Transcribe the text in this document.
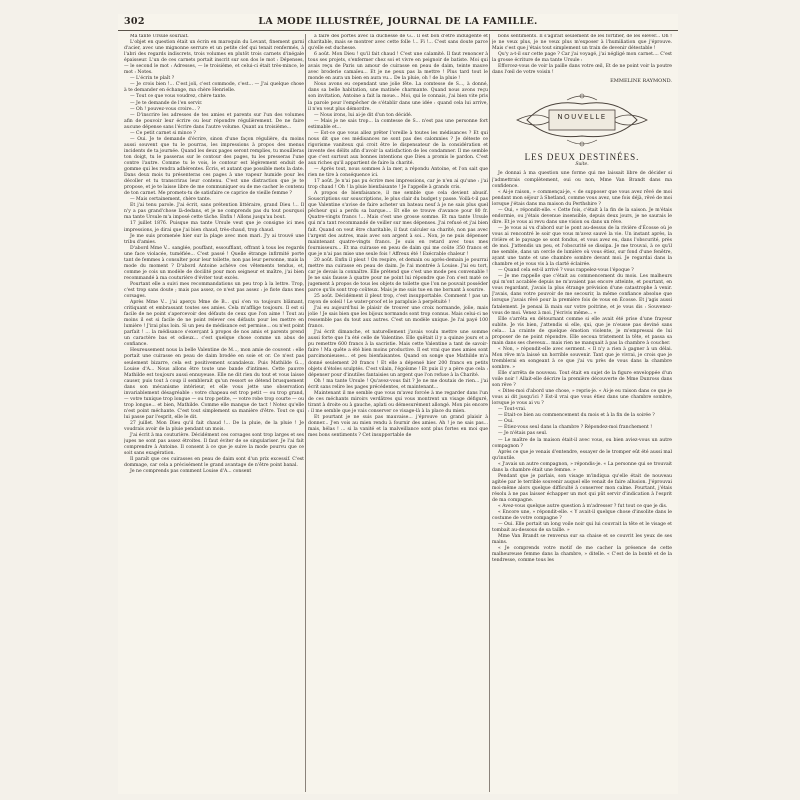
302	LA MODE ILLUSTRÉE, JOURNAL DE LA FAMILLE.

Ma tante Ursule souriait.

L'objet en question était un écrin en maroquin du Levant, finement garni d'acier, avec une mignonne serrure et un petite clef qui tenait renfermés, à l'abri des regards indiscrets, trois volumes en plutôt trois carnets d'inégale épaisseur. L'un de ces carnets portait inscrit sur son dos le mot : Dépenses, — le second le mot : Adresses, — le troisième, et celui-ci était très-mince, le mot : Notes.

— L'écrin te plaît ?

— Je crois bien !... C'est joli, c'est commode, c'est... — J'ai quelque chose à te demander en échange, ma chère Henrielle.

— Tout ce que vous voudrez, chère tante.

— Je te demande de l'en servir.

— Oh ! pouvez-vous croire... ?

— D'inscrire les adresses de tes amies et parents sur l'un des volumes afin de pouvoir leur écrire ou leur répondre régulièrement. De ne faire aucune dépense sans l'écrire dans l'autre volume. Quant au troisième...

— Ce petit carnet si mince ?

— Oui. Je te demande d'écrire, sinon d'une façon régulière, du moins aussi souvent que tu le pourras, les impressions à propos des menus incidents de ta journée. Quand les deux pages seront remplies, tu mouilleras ton doigt, tu le passeras sur le contour des pages, tu les presseras l'une contre l'autre. Comme tu le vois, le contour est légèrement enduit de gomme qui les rendra adhérentes. Écris, et autant que possible mets la date. Dans deux mois tu présenteras ces pages à une vapeur humide pour les décoller et tu transcriras leur contenu. C'est une distraction que je te propose, et je te laisse libre de me communiquer ou de me cacher le contenu de ton carnet. Me promets-tu de satisfaire ce caprice de vieille femme ?

— Mais certainement, chère tante.

Et j'ai tenu parole. J'ai écrit, sans prétention littéraire, grand Dieu !... Il n'y a pas grand'chose là-dedans, et je ne comprends pas du tout pourquoi ma tante Ursule m'a imposé cette tâche. Enfin ! Allons jusqu'au bout.

17 juillet 1876. Puisque ma tante Ursule veut que je consigne ici mes impressions, je dirai que j'ai bien chaud, très-chaud, trop chaud.

Je me suis promenée hier sur la plage avec mon mari. J'y ai trouvé une tribu d'amies.

D'abord Mme V... sanglée, pouffant, essoufflant, offrant à tous les regards une face violacée, tuméfiée... C'est passé ! Quelle étrange infirmité porte tant de femmes à consulter pour leur toilette, non pas leur personne, mais la mode du moment ? D'abord Antoine achève ces vêtements tendus, et, comme je cois un modèle de docilité pour mon seigneur et maître, j'ai bien recommandé à ma couturière d'éviter tout excès.

Pourtant elle a suivi mes recommandations un peu trop à la lettre. Trop, c'est trop sans doute ; mais pas assez, ce n'est pas assez : je fiote dans mes corsages.

Après Mme V... j'ai aperçu Mme de B... qui s'en va toujours blâmant, critiquant et embrassant toutes ses amies. Cela m'afflige toujours. Il est si facile de ne point s'apercevoir des défauts de ceux que l'on aime ! Tout au moins il est si facile de ne point relever ces défauts pour les mettre en lumière ! J'irai plus loin. Si un peu de médisance est permise... ou n'est point parfait ! ... la médisance s'exerçant à propos de nos amis et parents prend un caractère bas et odieux... c'est quelque chose comme un abus de confiance.

Heureusement nous la belle Valentine de M..., mon amie de couvent : elle portait une cuirasse en peau de daim brodée en soie et or. Ce n'est pas seulement bizarre, cela est positivement scandaleux. Puis Mathilde G..., Louise d'A... Nous allons être toute une bande d'intimes. Cette pauvre Mathilde est toujours aussi ennuyeuse. Elle ne dit rien du tout et vous laisse causer, puis tout à coup il semblerait qu'un ressort se détend brusquement dans son mécanisme intérieur, et elle vous jette une observation invariablement désagréable : votre chapeau est trop petit — ou trop grand, — votre tunique trop longue — ou trop petite, — votre robe trop courte — ou trop longue... et bien, Mathilde. Comme elle manque de tact ! Notez qu'elle n'est point méchante. C'est tout simplement sa manière d'être. Tout ce qui lui passe par l'esprit, elle le dit.

27 juillet. Mon Dieu qu'il fait chaud !... De la pluie, de la pluie ! Je voudrais avoir de la pluie pendant un mois.

J'ai écrit à ma couturière. Décidément ces corsages sont trop larges et ses jupes ne sont pas assez étroites. Il faut éviter de se singulariser. Je l'ai fait comprendre à Antoine. Il consent à ce que je suive la mode pourvu que ce soit sans exagération.

Il paraît que ces cuirasses en peau de daim sont d'un prix excessif. C'est dommage, car cela a précisément le grand avantage de n'être point banal.

Je ne comprends pas comment Louise d'A... consent

à faire des portes avec la duchesse de G... Il est bon d'être indulgente et charitable, mais se montrer avec cette folle !... Fi !... C'est sans doute parce qu'elle est duchesse.

6 août. Mon Dieu ! qu'il fait chaud ! C'est une calamité. Il faut renoncer à tous ses projets, s'enfermer chez soi et vivre en peignoir de batiste. Moi qui avais reçu de Paris un amour de cuirasse en peau de daim, teinte mauve avec broderie camaïeu... Et je ne peux pas la mettre ! Plus tard tout le monde en aura un bien en aura vu... De la pluie, oh ! de la pluie !

Nous avons eu cependant une jolie fête. La comtesse de S..., à donné, dans sa belle habitation, une matinée charmante. Quand nous avons reçu son invitation, Antoine a fait la moue... Moi, qui le connais, j'ai bien vite pris la parole pour l'empêcher de s'établir dans une idée : quand cela lui arrive, il n'en veut plus démordre.

— Nous irons, lui ai-je dit d'un ton décidé.

— Mais je ne sais trop... la comtesse de S... n'est pas une personne fort estimable et...

— Est-ce que vous allez prêter l'oreille à toutes les médisances ? Et qui nous dit que ces médisances ne sont pas des calomnies ? Je déteste ce rigorisme vaniteux qui croit être le dispensateur de la considération et invente des délits afin d'avoir la satisfaction de les condamner. Il me semble que c'est surtout aux bonnes intentions que Dieu a promis le pardon. C'est aux riches qu'il appartient de faire la charité.

— Après tout, nous sommes à la mer, a répondu Antoine, et l'on sait que rien ne tire à conséquence ici.

17 août. Je n'ai pas pu écrire mes impressions, car je n'en ai qu'une : j'ai trop chaud ! Oh ! la pluie bienfaisante ! Je l'appelle à grands cris.

A propos de bienfaisance, il me semble que cela devient abusif. Souscriptions sur souscriptions, le plus clair du budget y passe. Voilà-t-il pas que Valentine s'avise de faire acheter un bateau neuf à je ne sais plus quel pêcheur qui a perdu sa barque.... Et elle se trouve d'avance pour 80 fr. Quatre-vingts francs !... Mais c'est une grosse somme. Et ma tante Ursule qui m'a tant recommandé de veiller sur mes dépenses. J'ai refusé et j'ai bien fait. Quand on veut être charitable, il faut calculer sa charité, non pas avec l'argent des autres, mais avec son argent à soi... Non, je ne puis dépenser maintenant quatre-vingts francs. Je suis en retard avec tous mes fournisseurs... Et ma cuirasse en peau de daim qui me coûte 350 francs et que je n'ai pas mise une seule fois ! Affreux été ! Exécrable chaleur !

20 août. Enfin il pleut ! On respire, et demain ou après-demain je pourrai mettre ma cuirasse en peau de daim. Je l'ai montrée à Louise. J'ai eu tort, car je devais la connaître. Elle prétend que c'est une mode peu convenable ! Je ne sais fausse à quatre pour ne point lui répondre que l'on s'est maté ce jugement à propos de tous les objets de toilette que l'on ne pouvait posséder parce qu'ils sont trop coûteux. Mais je me suis tue en me bornant à sourire.

25 août. Décidément il pleut trop, c'est insupportable. Comment ! pas un rayon de soleil ! Le water-proof et le parapluie à perpétuité !

J'ai eu aujourd'hui le plaisir de trouver une croix normande, jolie, mais jolie ! Je sais bien que les bijoux normands sont trop connus. Mais celui-ci ne ressemble pas du tout aux autres. C'est un modèle unique. Je l'ai payé 100 francs.

J'ai écrit dimanche, et naturellement j'avais voulu mettre une somme aussi forte que l'a été celle de Valentine. Elle quêtait il y a quinze jours et a pu remettre 600 francs à la sacristie. Mais cette Valentine a tant de savoir-faire ! Ma quête a été bien moins productive. Il est vrai que mes amies sont parcimonieuses... et peu bienfaisantes. Quand on songe que Mathilde m'a donné seulement 20 francs ! Et elle a dépensé hier 200 francs en petits objets d'étoles sculptés. C'est vilain, l'égoïsme ! Et puis il y a père que cela : dépenser pour d'inutiles fantaisies un argent que l'on refuse à la Charité.

Oh ! ma tante Ursule ! Qu'avez-vous fait ? Je ne me doutais de rien... j'ai écrit sans relire les pages précédentes, et maintenant...

Maintenant il me semble que vous m'avez forcée à me regarder dans l'un de ces méchants miroirs verdâtres qui vous montrent un visage défiguré, tirant à droite ou à gauche, aplati ou démesurément allongé. Mon pis encore : il me semble que je vais conserver ce visage-là à la place du mien.

Et pourtant je ne suis pas mauvaise... j'éprouve un grand plaisir à donner... J'en vois au mien rendu à fournir des amies. Ah ! je ne sais pas... mais, hélas ! ... si la vanité et la malveillance sont plus fortes en moi que mes bons sentiments ? Cet insupportable de

bons sentiments. Il s'agirait seulement de les fortifier, de les élever... Oh ! je ne veux plus, je ne veux plus m'exposer à l'humiliation que j'éprouve. Mais c'est que j'étais tout simplement un train de devenir détestable !

Qu'y a-t-il sur cette page ? Car j'ai voyagé, j'ai négligé mon carnet.... C'est la grosse écriture de ma tante Ursule :

Efforcez-vous de voir la paille dans votre œil, Et de ne point voir la poutre dans l'œil de votre voisin !

EMMELINE RAYMOND.
NOUVELLE
LES DEUX DESTINÉES.
Suite.

Je donnai à ma question une forme qui me laissait libre de décider si j'admettrais complètement, oui ou non, Mme Van Brandt dans ma confidence.

« Ai-je raison, » commençai-je, « de supposer que vous avez rêvé de moi pendant mon séjour à Shetland, comme vous avez, une fois déjà, rêvé de moi lorsque j'étais dans ma maison du Perthshire ?

— Oui, » répondit-elle. « Cette fois, c'était à la fin de la saison. Je m'étais endormie, ou j'étais devenue insensible, depuis deux jours, je ne saurais le dire. Et je vous ai revu dans une vision ou dans un rêve.

— Je vous ai vu d'abord sur le pont au-dessus de la rivière d'Écosse où je vous ai rencontré le soir que vous m'avez sauvé la vie. Un instant après, la rivière et le paysage se sont fondus, et vous avez eu, dans l'obscurité, près de moi. J'attendis un peu, et l'obscurité se dissipa. Je me trouvai, à ce qu'il me semble, dans un cercle de lumière où vous étiez, sur fond d'une fenêtre, ayant une tante et une chambre sombre devant moi. Je regardai dans la chambre et je vous vis à la clarté éclairée.

— Quand cela est-il arrivé ? vous rappelez-vous l'époque ?

— Je me rappelle que c'était au commencement du mois. Les malheurs qui m'ont accablée depuis ne m'avaient pas encore atteinte, et pourtant, en vous regardant, j'avais la plus étrange prévision d'une catastrophe à venir. J'avais, dans votre pouvoir de me secourir, la même confiance absolue que lorsque j'avais rêvé pour la première fois de vous en Écosse. Et j'agis aussi fatalement. Je pensai là main sur votre poitrine, et je vous dis : Souvenez-vous de moi. Venez à moi. J'écrivis même... »

Elle s'arrêta en détournant comme si elle avait été prise d'une frayeur subite. Je vis bien, j'attendis si elle, qui, que je n'eusse pas deviné sans cela... La crainte de quelque émotion violente, je m'empressai de lui proposer de ne point répondre. Elle secoua tristement la tête, et passa sa main dans ses cheveux... mais rien ne manquait à pas la chambre à coucher.

« Non, » répondit-elle avec serment. « Il n'y a rien à gagner à un délai. Mon rêve m'a laissé un horrible souvenir. Tant que je vivrai, je crois que je tremblerai en songeant à ce que j'ai vu près de vous dans la chambre sombre. »

Elle s'arrêta de nouveau. Tout était en sujet de la figure enveloppée d'un voile noir ! Allait-elle décrire la première découverte de Mme Dunross dans son rêve ?

« Dites-moi d'abord une chose, » repris-je. « Ai-je eu raison dans ce que je vous ai dit jusqu'ici ? Est-il vrai que vous étiez dans une chambre sombre, lorsque je vous ai vu ?

— Tout-vrai.

— Etait-ce bien au commencement du mois et à la fin de la soirée ?

— Oui.

— Étiez-vous seul dans la chambre ? Répondez-moi franchement !

— Je n'étais pas seul.

— Le maître de la maison était-il avec vous, ou bien aviez-vous un autre compagnon ?

Après ce que je venais d'entendre, essayer de le tromper eût été aussi mal qu'inutile.

« J'avais un autre compagnon, » répondis-je. « La personne qui se trouvait dans la chambre était une femme. »

Pendant que je parlais, son visage m'indiqua qu'elle était de nouveau agitée par le terrible souvenir auquel elle venait de faire allusion. J'éprouvai moi-même alors quelque difficulté à conserver mon calme. Pourtant, j'étais résolu à ne pas laisser échapper un mot qui pût servir d'indication à l'esprit de ma compagne.

« Avez-vous quelque autre question à m'adresser ? fut tout ce que je dis.

« Encore une, » répondit-elle. « Y avait-il quelque chose d'insolite dans le costume de votre compagne ?

— Oui. Elle portait un long voile noir qui lui couvrait la tête et le visage et tombait au-dessous de sa taille. »

Mme Van Brandt se renversa sur sa chaise et se couvrit les yeux de ses mains.

« Je comprends votre motif de me cacher la présence de cette malheureuse femme dans la chambre, » ditelle. « C'est de la bonté et de la tendresse, comme tous les
